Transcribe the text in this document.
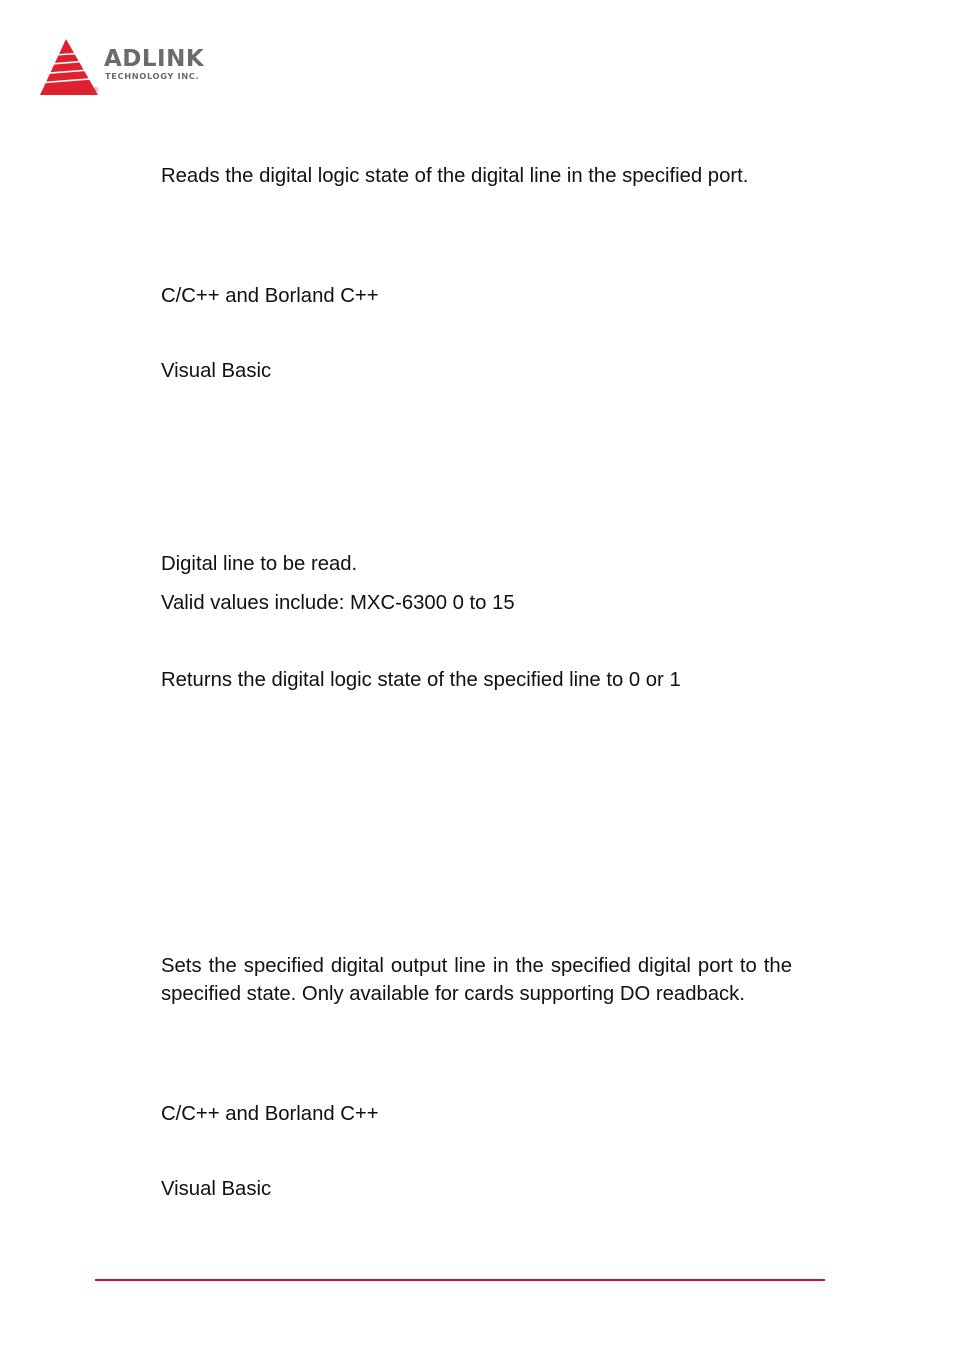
ADLINK
TECHNOLOGY INC.
®

Reads the digital logic state of the digital line in the specified port.

C/C++ and Borland C++

Visual Basic

Digital line to be read.

Valid values include: MXC-6300 0 to 15

Returns the digital logic state of the specified line to 0 or 1

Sets the specified digital output line in the specified digital port to the specified state. Only available for cards supporting DO readback.

C/C++ and Borland C++

Visual Basic
